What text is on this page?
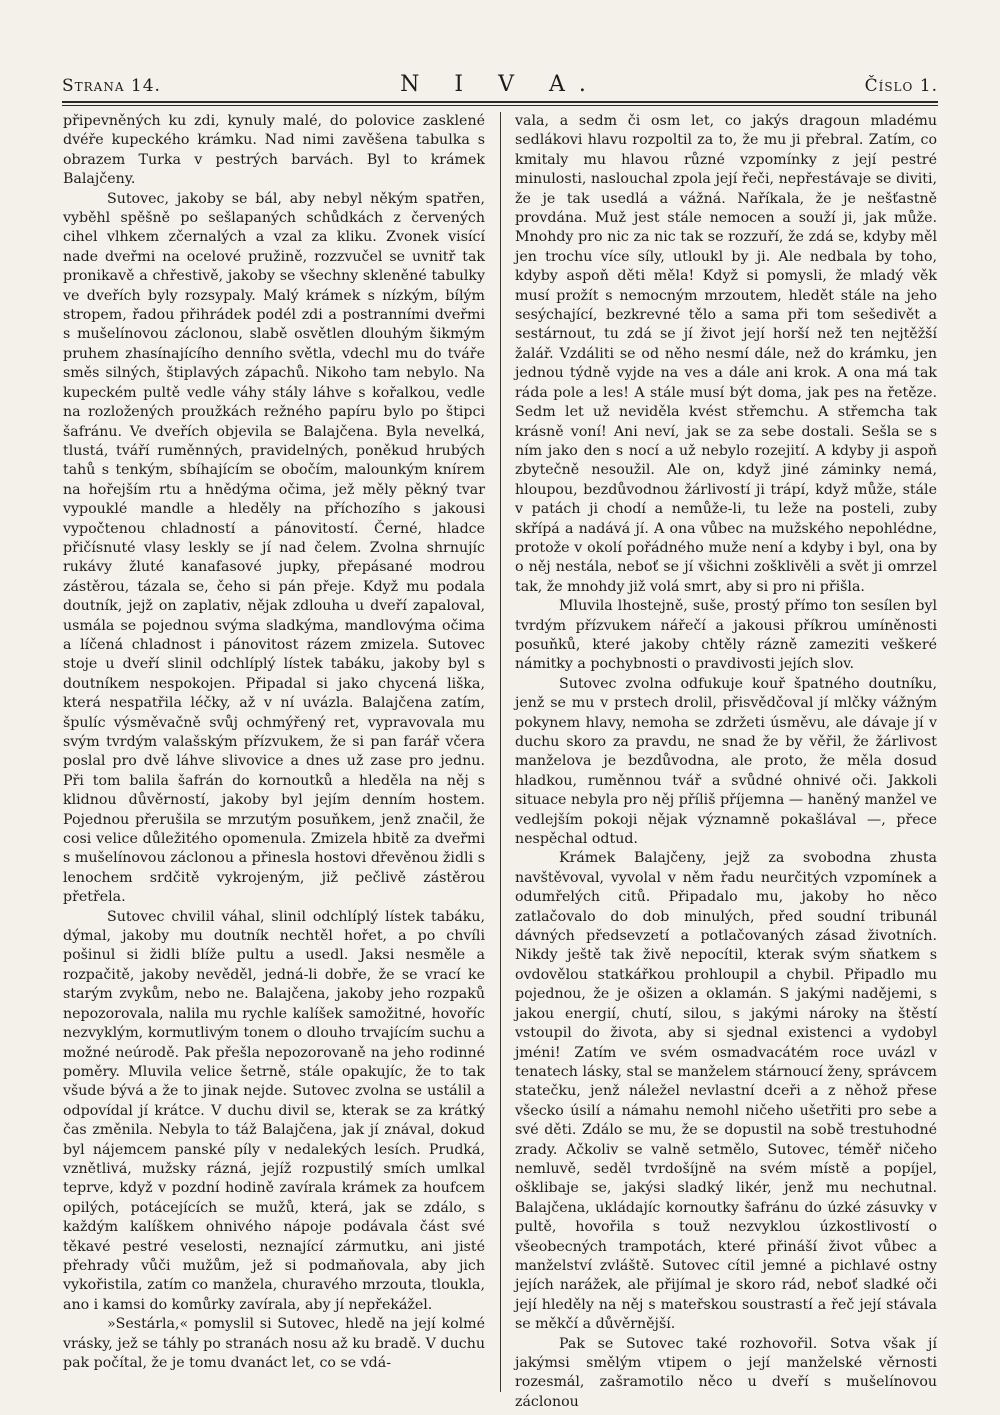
Strana 14.	N I V A.	Číslo 1.

připevněných ku zdi, kynuly malé, do polovice zasklené dvéře kupeckého krámku. Nad nimi zavěšena tabulka s obrazem Turka v pestrých barvách. Byl to krámek Balajčeny.

Sutovec, jakoby se bál, aby nebyl někým spatřen, vyběhl spěšně po sešlapaných schůdkách z červených cihel vlhkem zčernalých a vzal za kliku. Zvonek visící nade dveřmi na ocelové pružině, rozzvučel se uvnitř tak pronikavě a chřestivě, jakoby se všechny skleněné tabulky ve dveřích byly rozsypaly. Malý krámek s nízkým, bílým stropem, řadou přihrádek podél zdi a postranními dveřmi s mušelínovou záclonou, slabě osvětlen dlouhým šikmým pruhem zhasínajícího denního světla, vdechl mu do tváře směs silných, štiplavých zápachů. Nikoho tam nebylo. Na kupeckém pultě vedle váhy stály láhve s kořalkou, vedle na rozložených proužkách režného papíru bylo po štipci šafránu. Ve dveřích objevila se Balajčena. Byla nevelká, tlustá, tváří ruměnných, pravidelných, poněkud hrubých tahů s tenkým, sbíhajícím se obočím, malounkým knírem na hořejším rtu a hnědýma očima, jež měly pěkný tvar vypouklé mandle a hleděly na příchozího s jakousi vypočtenou chladností a pánovitostí. Černé, hladce přičísnuté vlasy leskly se jí nad čelem. Zvolna shrnujíc rukávy žluté kanafasové jupky, přepásané modrou zástěrou, tázala se, čeho si pán přeje. Když mu podala doutník, jejž on zaplativ, nějak zdlouha u dveří zapaloval, usmála se pojednou svýma sladkýma, mandlovýma očima a líčená chladnost i pánovitost rázem zmizela. Sutovec stoje u dveří slinil odchlíplý lístek tabáku, jakoby byl s doutníkem nespokojen. Připadal si jako chycená liška, která nespatřila léčky, až v ní uvázla. Balajčena zatím, špulíc výsměvačně svůj ochmýřený ret, vypravovala mu svým tvrdým valašským přízvukem, že si pan farář včera poslal pro dvě láhve slivovice a dnes už zase pro jednu. Při tom balila šafrán do kornoutků a hleděla na něj s klidnou důvěrností, jakoby byl jejím denním hostem. Pojednou přerušila se mrzutým posuňkem, jenž značil, že cosi velice důležitého opomenula. Zmizela hbitě za dveřmi s mušelínovou záclonou a přinesla hostovi dřevěnou židli s lenochem srdčitě vykrojeným, již pečlivě zástěrou přetřela.

Sutovec chvilil váhal, slinil odchlíplý lístek tabáku, dýmal, jakoby mu doutník nechtěl hořet, a po chvíli pošinul si židli blíže pultu a usedl. Jaksi nesměle a rozpačitě, jakoby nevěděl, jedná-li dobře, že se vrací ke starým zvykům, nebo ne. Balajčena, jakoby jeho rozpaků nepozorovala, nalila mu rychle kalíšek samožitné, hovoříc nezvyklým, kormutlivým tonem o dlouho trvajícím suchu a možné neúrodě. Pak přešla nepozorovaně na jeho rodinné poměry. Mluvila velice šetrně, stále opakujíc, že to tak všude bývá a že to jinak nejde. Sutovec zvolna se ustálil a odpovídal jí krátce. V duchu divil se, kterak se za krátký čas změnila. Nebyla to táž Balajčena, jak jí znával, dokud byl nájemcem panské píly v nedalekých lesích. Prudká, vznětlivá, mužsky rázná, jejíž rozpustilý smích umlkal teprve, když v pozdní hodině zavírala krámek za houfcem opilých, potácejících se mužů, která, jak se zdálo, s každým kalíškem ohnivého nápoje podávala část své těkavé pestré veselosti, neznající zármutku, ani jisté přehrady vůči mužům, jež si podmaňovala, aby jich vykořistila, zatím co manžela, churavého mrzouta, tloukla, ano i kamsi do komůrky zavírala, aby jí nepřekážel.

»Sestárla,« pomyslil si Sutovec, hledě na její kolmé vrásky, jež se táhly po stranách nosu až ku bradě. V duchu pak počítal, že je tomu dvanáct let, co se vdá-

vala, a sedm či osm let, co jakýs dragoun mladému sedlákovi hlavu rozpoltil za to, že mu ji přebral. Zatím, co kmitaly mu hlavou různé vzpomínky z její pestré minulosti, naslouchal zpola její řeči, nepřestávaje se diviti, že je tak usedlá a vážná. Naříkala, že je nešťastně provdána. Muž jest stále nemocen a souží ji, jak může. Mnohdy pro nic za nic tak se rozzuří, že zdá se, kdyby měl jen trochu více síly, utloukl by ji. Ale nedbala by toho, kdyby aspoň děti měla! Když si pomysli, že mladý věk musí prožít s nemocným mrzoutem, hledět stále na jeho sesýchající, bezkrevné tělo a sama při tom sešedivět a sestárnout, tu zdá se jí život její horší než ten nejtěžší žalář. Vzdáliti se od něho nesmí dále, než do krámku, jen jednou týdně vyjde na ves a dále ani krok. A ona má tak ráda pole a les! A stále musí být doma, jak pes na řetěze. Sedm let už neviděla kvést střemchu. A střemcha tak krásně voní! Ani neví, jak se za sebe dostali. Sešla se s ním jako den s nocí a už nebylo rozejití. A kdyby ji aspoň zbytečně nesoužil. Ale on, když jiné záminky nemá, hloupou, bezdůvodnou žárlivostí ji trápí, když může, stále v patách ji chodí a nemůže-li, tu leže na posteli, zuby skřípá a nadává jí. A ona vůbec na mužského nepohlédne, protože v okolí pořádného muže není a kdyby i byl, ona by o něj nestála, neboť se jí všichni zošklivěli a svět ji omrzel tak, že mnohdy již volá smrt, aby si pro ni přišla.

Mluvila lhostejně, suše, prostý přímo ton sesílen byl tvrdým přízvukem nářečí a jakousi příkrou umíněnosti posuňků, které jakoby chtěly rázně zameziti veškeré námitky a pochybnosti o pravdivosti jejích slov.

Sutovec zvolna odfukuje kouř špatného doutníku, jenž se mu v prstech drolil, přisvědčoval jí mlčky vážným pokynem hlavy, nemoha se zdržeti úsměvu, ale dávaje jí v duchu skoro za pravdu, ne snad že by věřil, že žárlivost manželova je bezdůvodna, ale proto, že měla dosud hladkou, ruměnnou tvář a svůdné ohnivé oči. Jakkoli situace nebyla pro něj příliš příjemna — haněný manžel ve vedlejším pokoji nějak významně pokašlával —, přece nespěchal odtud.

Krámek Balajčeny, jejž za svobodna zhusta navštěvoval, vyvolal v něm řadu neurčitých vzpomínek a odumřelých citů. Připadalo mu, jakoby ho něco zatlačovalo do dob minulých, před soudní tribunál dávných předsevzetí a potlačovaných zásad životních. Nikdy ještě tak živě nepocítil, kterak svým sňatkem s ovdovělou statkářkou prohloupil a chybil. Připadlo mu pojednou, že je ošizen a oklamán. S jakými nadějemi, s jakou energií, chutí, silou, s jakými nároky na štěstí vstoupil do života, aby si sjednal existenci a vydobyl jméni! Zatím ve svém osmadvacátém roce uvázl v tenatech lásky, stal se manželem stárnoucí ženy, správcem statečku, jenž náležel nevlastní dceři a z něhož přese všecko úsilí a námahu nemohl ničeho ušetřiti pro sebe a své děti. Zdálo se mu, že se dopustil na sobě trestuhodné zrady. Ačkoliv se valně setmělo, Sutovec, téměř ničeho nemluvě, seděl tvrdošíjně na svém místě a popíjel, ošklibaje se, jakýsi sladký likér, jenž mu nechutnal. Balajčena, ukládajíc kornoutky šafránu do úzké zásuvky v pultě, hovořila s touž nezvyklou úzkostlivostí o všeobecných trampotách, které přináší život vůbec a manželství zvláště. Sutovec cítil jemné a pichlavé ostny jejích narážek, ale přijímal je skoro rád, neboť sladké oči její hleděly na něj s mateřskou soustrastí a řeč její stávala se měkčí a důvěrnější.

Pak se Sutovec také rozhovořil. Sotva však jí jakýmsi smělým vtipem o její manželské věrnosti rozesmál, zašramotilo něco u dveří s mušelínovou záclonou
